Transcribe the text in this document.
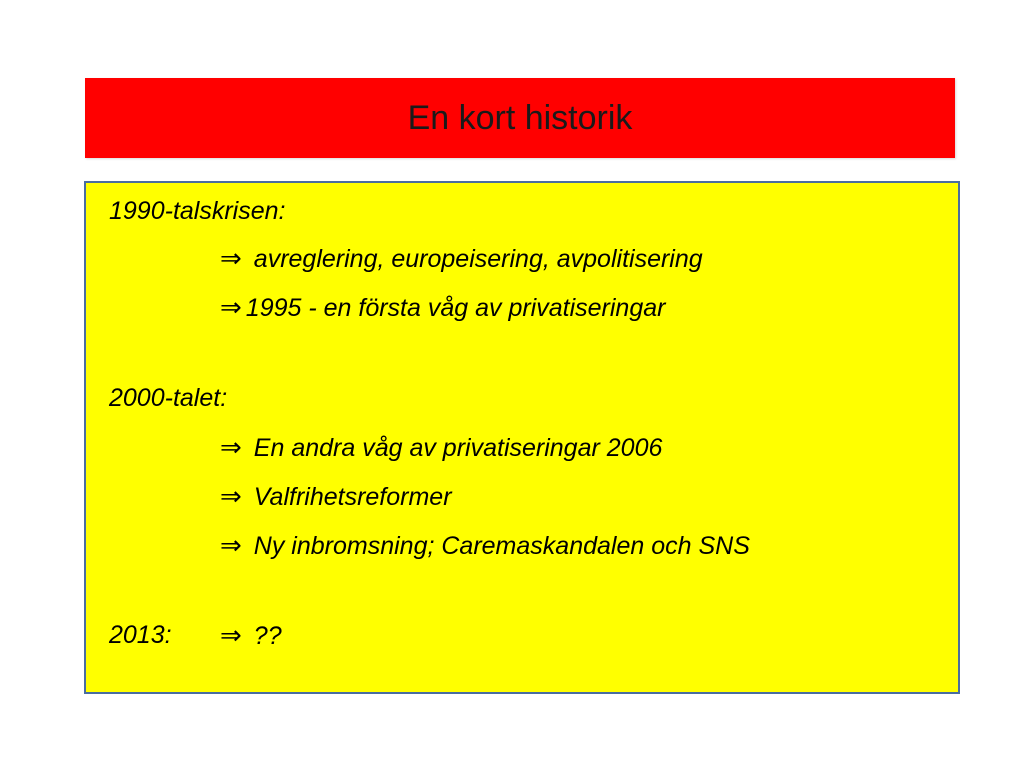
En kort historik
1990-talskrisen:
⇒ avreglering, europeisering, avpolitisering
⇒ 1995 - en första våg av privatiseringar
2000-talet:
⇒ En andra våg av privatiseringar 2006
⇒ Valfrihetsreformer
⇒ Ny inbromsning; Caremaskandalen och SNS
2013: ⇒ ??
